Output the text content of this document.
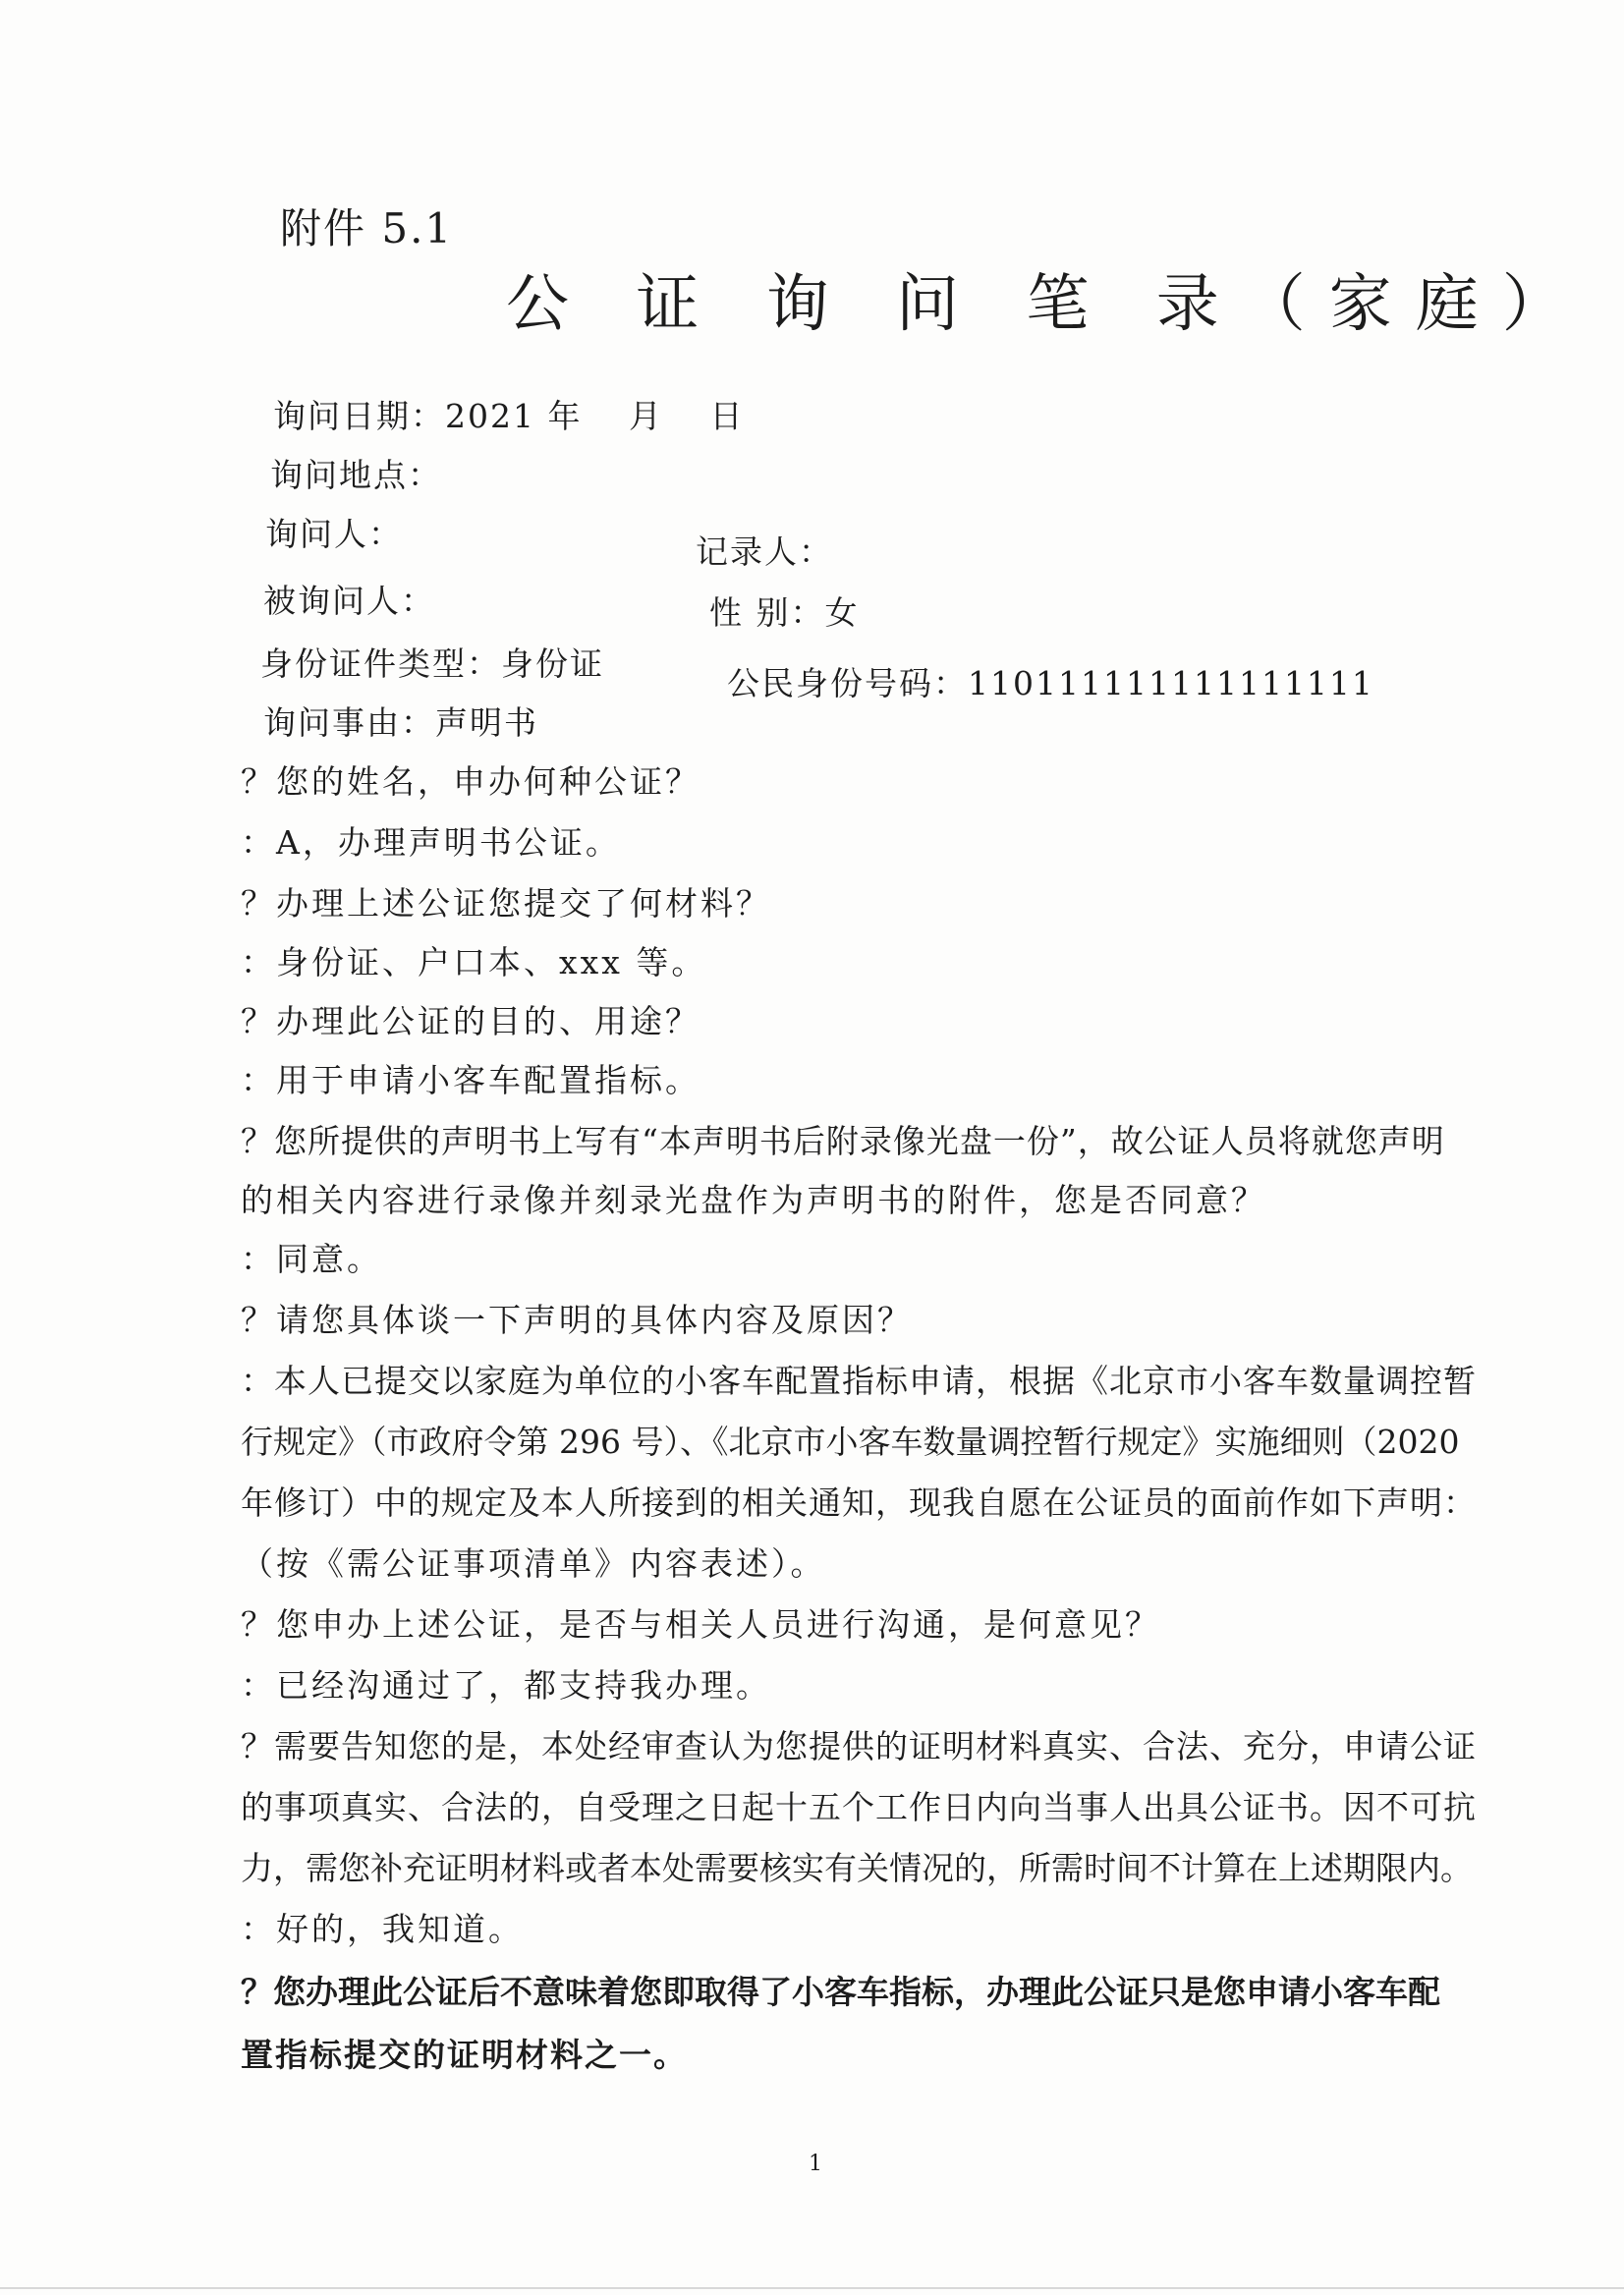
附件 5.1
公 证 询 问 笔 录（家庭）
询问日期：2021 年　 月　 日
询问地点：
询问人：	记录人：
被询问人：	性 别：女
身份证件类型：身份证
公民身份号码：110111111111111111
询问事由：声明书
？您的姓名，申办何种公证？
：A，办理声明书公证。
？办理上述公证您提交了何材料？
：身份证、户口本、xxx 等。
？办理此公证的目的、用途？
：用于申请小客车配置指标。
？您所提供的声明书上写有“本声明书后附录像光盘一份”，故公证人员将就您声明
的相关内容进行录像并刻录光盘作为声明书的附件，您是否同意？
：同意。
？请您具体谈一下声明的具体内容及原因？
：本人已提交以家庭为单位的小客车配置指标申请，根据《北京市小客车数量调控暂
行规定》（市政府令第 296 号）、《北京市小客车数量调控暂行规定》实施细则（2020
年修订）中的规定及本人所接到的相关通知，现我自愿在公证员的面前作如下声明：
（按《需公证事项清单》内容表述）。
？您申办上述公证，是否与相关人员进行沟通，是何意见？
：已经沟通过了，都支持我办理。
？需要告知您的是，本处经审查认为您提供的证明材料真实、合法、充分，申请公证
的事项真实、合法的，自受理之日起十五个工作日内向当事人出具公证书。因不可抗
力，需您补充证明材料或者本处需要核实有关情况的，所需时间不计算在上述期限内。
：好的，我知道。
？您办理此公证后不意味着您即取得了小客车指标，办理此公证只是您申请小客车配
置指标提交的证明材料之一。
1
